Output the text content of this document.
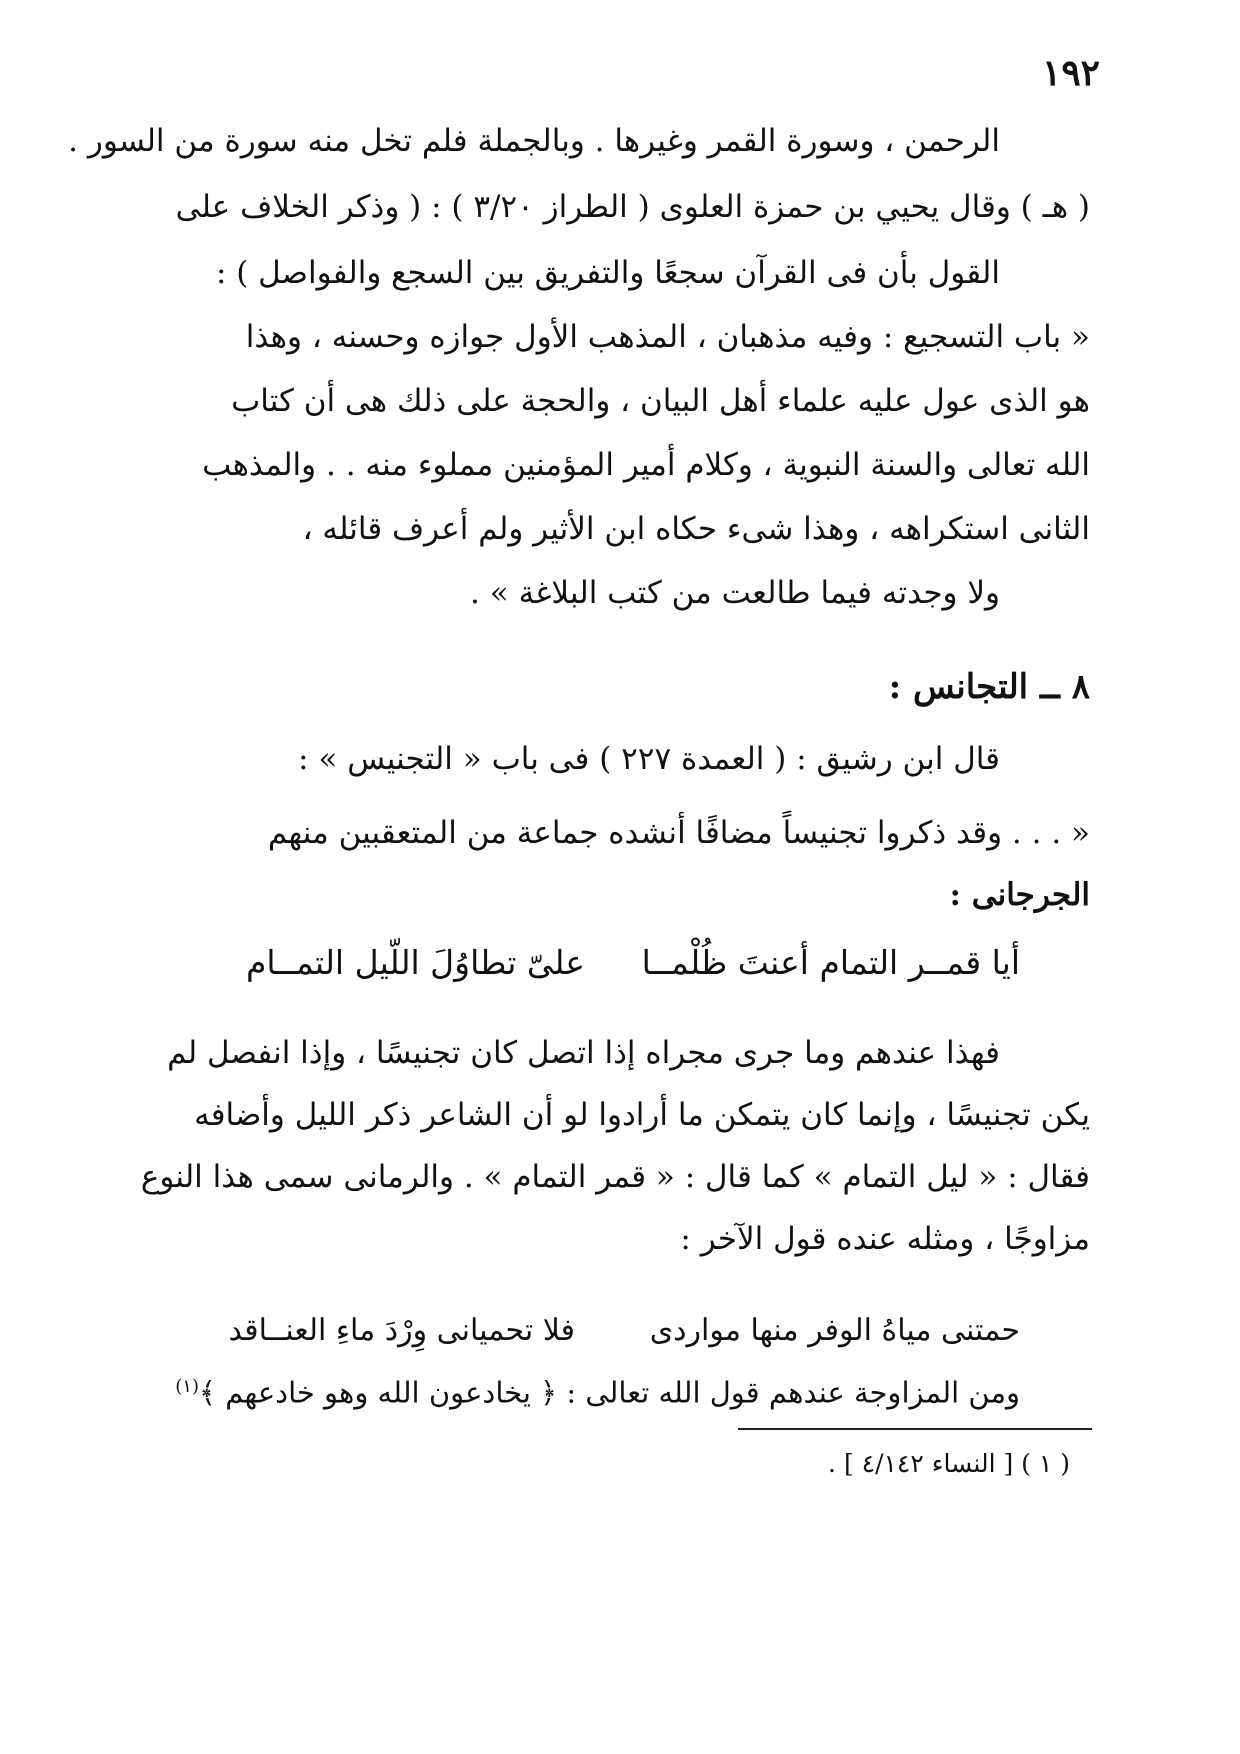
١٩٢
الرحمن ، وسورة القمر وغيرها . وبالجملة فلم تخل منه سورة من السور .
( هـ ) وقال يحيي بن حمزة العلوى ( الطراز ٣/٢٠ ) : ( وذكر الخلاف على
القول بأن فى القرآن سجعًا والتفريق بين السجع والفواصل ) :
« باب التسجيع : وفيه مذهبان ، المذهب الأول جوازه وحسنه ، وهذا
هو الذى عول عليه علماء أهل البيان ، والحجة على ذلك هى أن كتاب
الله تعالى والسنة النبوية ، وكلام أمير المؤمنين مملوء منه . . والمذهب
الثانى استكراهه ، وهذا شىء حكاه ابن الأثير ولم أعرف قائله ،
ولا وجدته فيما طالعت من كتب البلاغة » .
٨ ــ التجانس :
قال ابن رشيق : ( العمدة ٢٢٧ ) فى باب « التجنيس » :
« . . . وقد ذكروا تجنيساً مضافًا أنشده جماعة من المتعقبين منهم
الجرجانى :
أيا قمــر التمام أعنتَ ظُلْمــا
علىّ تطاوُلَ اللّيل التمــام
فهذا عندهم وما جرى مجراه إذا اتصل كان تجنيسًا ، وإذا انفصل لم
يكن تجنيسًا ، وإنما كان يتمكن ما أرادوا لو أن الشاعر ذكر الليل وأضافه
فقال : « ليل التمام » كما قال : « قمر التمام » . والرمانى سمى هذا النوع
مزاوجًا ، ومثله عنده قول الآخر :
حمتنى مياهُ الوفر منها مواردى
فلا تحميانى وِرْدَ ماءِ العنــاقد
ومن المزاوجة عندهم قول الله تعالى : ﴿ يخادعون الله وهو خادعهم ﴾$^{(١)}$
( ١ ) [ النساء ٤/١٤٢ ] .
